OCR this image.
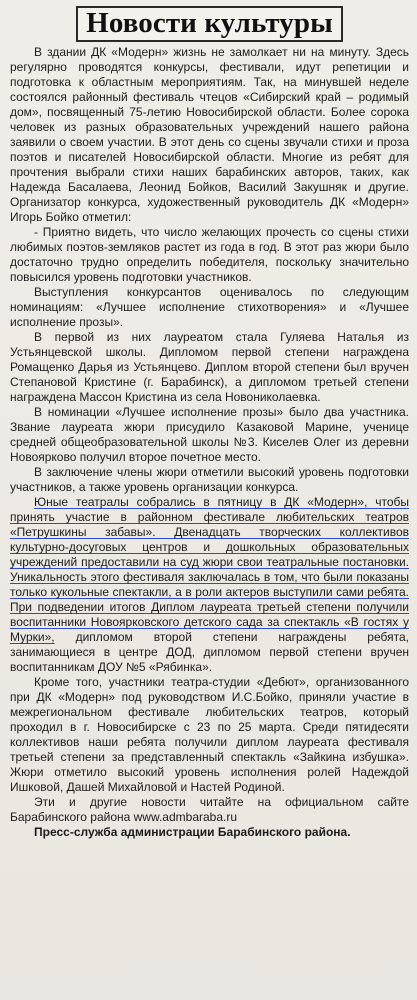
Новости культуры

В здании ДК «Модерн» жизнь не замолкает ни на минуту. Здесь регулярно проводятся конкурсы, фестивали, идут репетиции и подготовка к областным мероприятиям. Так, на минувшей неделе состоялся районный фестиваль чтецов «Сибирский край – родимый дом», посвященный 75-летию Новосибирской области. Более сорока человек из разных образовательных учреждений нашего района заявили о своем участии. В этот день со сцены звучали стихи и проза поэтов и писателей Новосибирской области. Многие из ребят для прочтения выбрали стихи наших барабинских авторов, таких, как Надежда Басалаева, Леонид Бойков, Василий Закушняк и другие. Организатор конкурса, художественный руководитель ДК «Модерн» Игорь Бойко отметил:

- Приятно видеть, что число желающих прочесть со сцены стихи любимых поэтов-земляков растет из года в год. В этот раз жюри было достаточно трудно определить победителя, поскольку значительно повысился уровень подготовки участников.

Выступления конкурсантов оценивалось по следующим номинациям: «Лучшее исполнение стихотворения» и «Лучшее исполнение прозы».

В первой из них лауреатом стала Гуляева Наталья из Устьянцевской школы. Дипломом первой степени награждена Ромащенко Дарья из Устьянцево. Диплом второй степени был вручен Степановой Кристине (г. Барабинск), а дипломом третьей степени награждена Массон Кристина из села Новониколаевка.

В номинации «Лучшее исполнение прозы» было два участника. Звание лауреата жюри присудило Казаковой Марине, ученице средней общеобразовательной школы №3. Киселев Олег из деревни Новоярково получил второе почетное место.

В заключение члены жюри отметили высокий уровень подготовки участников, а также уровень организации конкурса.

Юные театралы собрались в пятницу в ДК «Модерн», чтобы принять участие в районном фестивале любительских театров «Петрушкины забавы». Двенадцать творческих коллективов культурно-досуговых центров и дошкольных образовательных учреждений предоставили на суд жюри свои театральные постановки. Уникальность этого фестиваля заключалась в том, что были показаны только кукольные спектакли, а в роли актеров выступили сами ребята. При подведении итогов Диплом лауреата третьей степени получили воспитанники Новоярковского детского сада за спектакль «В гостях у Мурки», дипломом второй степени награждены ребята, занимающиеся в центре ДОД, дипломом первой степени вручен воспитанникам ДОУ №5 «Рябинка».

Кроме того, участники театра-студии «Дебют», организованного при ДК «Модерн» под руководством И.С.Бойко, приняли участие в межрегиональном фестивале любительских театров, который проходил в г. Новосибирске с 23 по 25 марта. Среди пятидесяти коллективов наши ребята получили диплом лауреата фестиваля третьей степени за представленный спектакль «Зайкина избушка». Жюри отметило высокий уровень исполнения ролей Надеждой Ишковой, Дашей Михайловой и Настей Родиной.

Эти и другие новости читайте на официальном сайте Барабинского района www.admbaraba.ru

Пресс-служба администрации Барабинского района.
